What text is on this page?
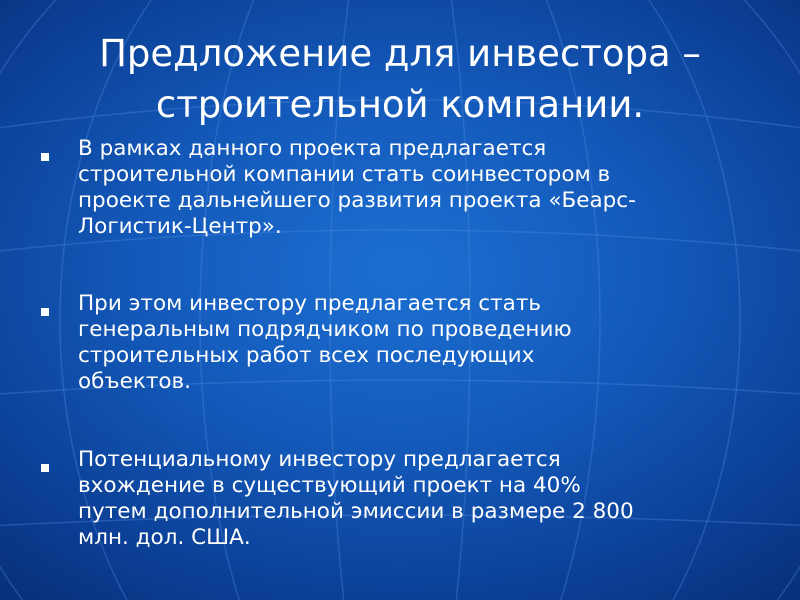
Предложение для инвестора –
строительной компании.
В рамках данного проекта предлагается
строительной компании стать соинвестором в
проекте дальнейшего развития проекта «Беарс-
Логистик-Центр».
При этом инвестору предлагается стать
генеральным подрядчиком по проведению
строительных работ всех последующих
объектов.
Потенциальному инвестору предлагается
вхождение в существующий проект на 40%
путем дополнительной эмиссии в размере 2 800
млн. дол. США.
